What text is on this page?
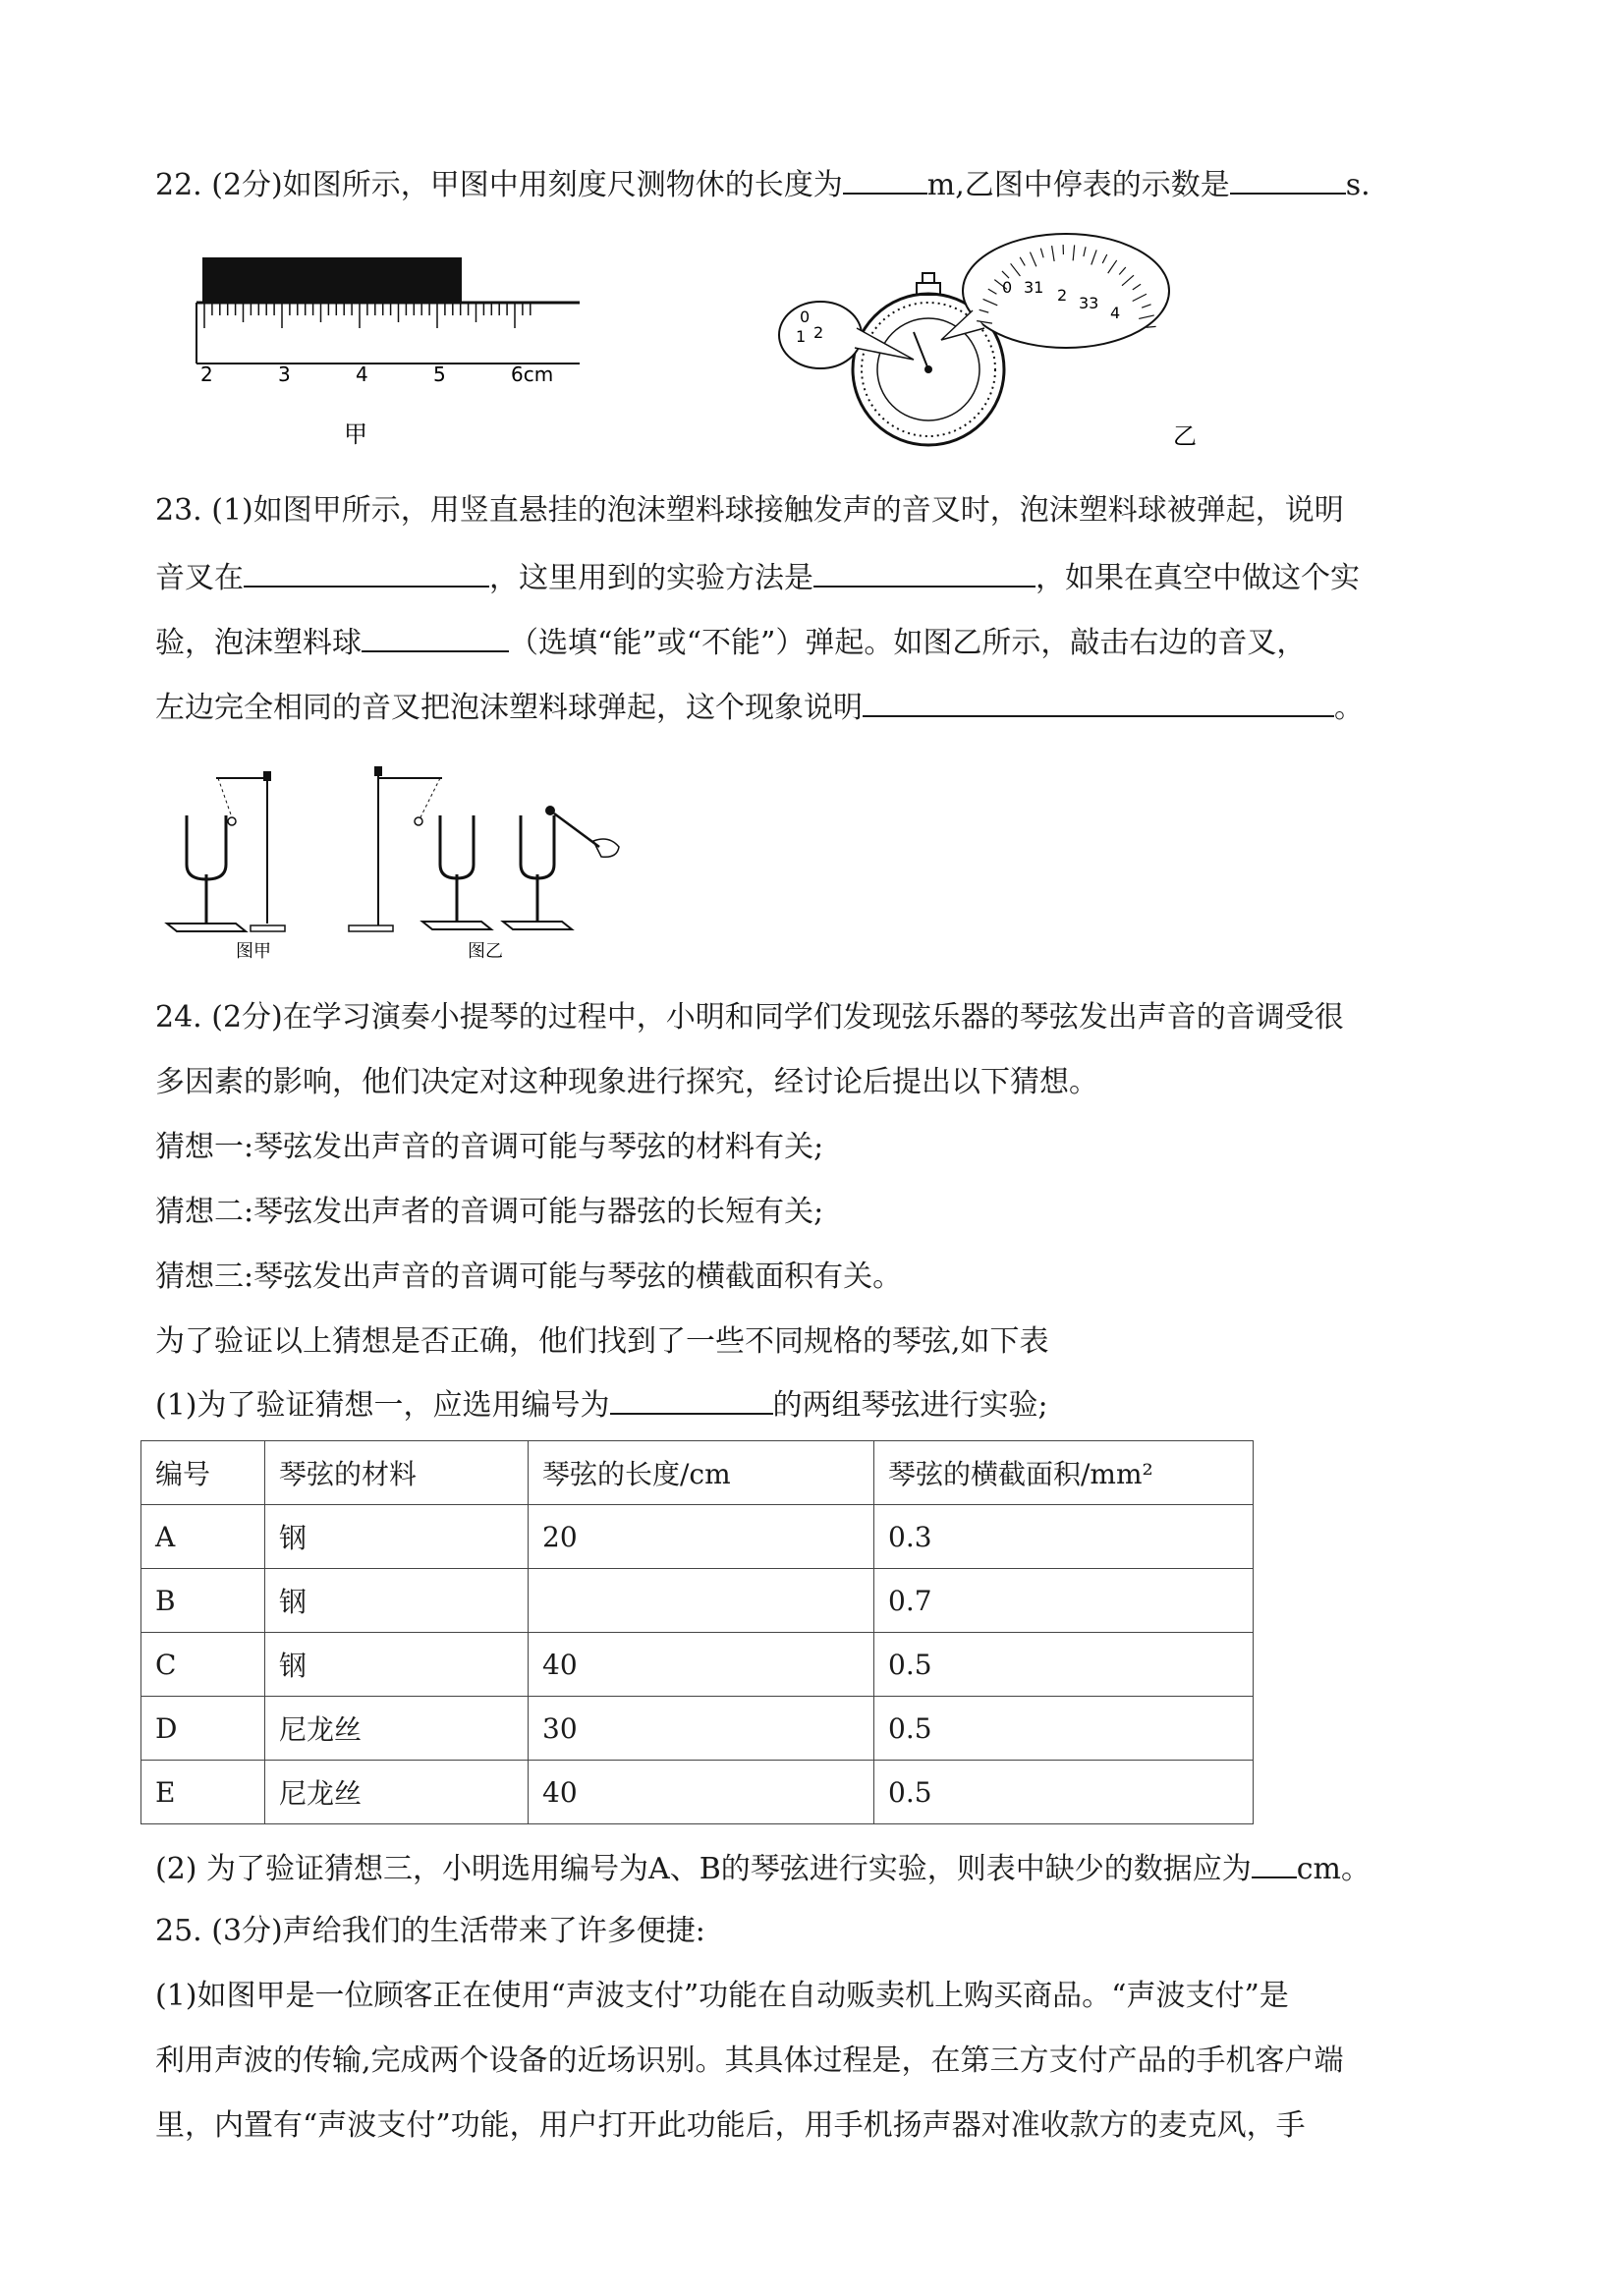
22. (2分)如图所示，甲图中用刻度尺测物休的长度为	m,乙图中停表的示数是	s.
2	3	4	5	6cm
甲
0
1 2
0 31 2 33
4
乙
23. (1)如图甲所示，用竖直悬挂的泡沫塑料球接触发声的音叉时，泡沫塑料球被弹起，说明
音叉在	，这里用到的实验方法是	，如果在真空中做这个实
验，泡沫塑料球	（选填“能”或“不能”）弹起。如图乙所示，敲击右边的音叉，
左边完全相同的音叉把泡沫塑料球弹起，这个现象说明	。
图甲	图乙
24. (2分)在学习演奏小提琴的过程中，小明和同学们发现弦乐器的琴弦发出声音的音调受很
多因素的影响，他们决定对这种现象进行探究，经讨论后提出以下猜想。
猜想一:琴弦发出声音的音调可能与琴弦的材料有关;
猜想二:琴弦发出声者的音调可能与器弦的长短有关;
猜想三:琴弦发出声音的音调可能与琴弦的横截面积有关。
为了验证以上猜想是否正确，他们找到了一些不同规格的琴弦,如下表
(1)为了验证猜想一，应选用编号为	的两组琴弦进行实验;
编号	琴弦的材料	琴弦的长度/cm	琴弦的横截面积/mm²
A	钢	20	0.3
B	钢		0.7
C	钢	40	0.5
D	尼龙丝	30	0.5
E	尼龙丝	40	0.5
(2) 为了验证猜想三，小明选用编号为A、B的琴弦进行实验，则表中缺少的数据应为 cm。
25. (3分)声给我们的生活带来了许多便捷:
(1)如图甲是一位顾客正在使用“声波支付”功能在自动贩卖机上购买商品。“声波支付”是
利用声波的传输,完成两个设备的近场识别。其具体过程是，在第三方支付产品的手机客户端
里，内置有“声波支付”功能，用户打开此功能后，用手机扬声器对准收款方的麦克风，手
